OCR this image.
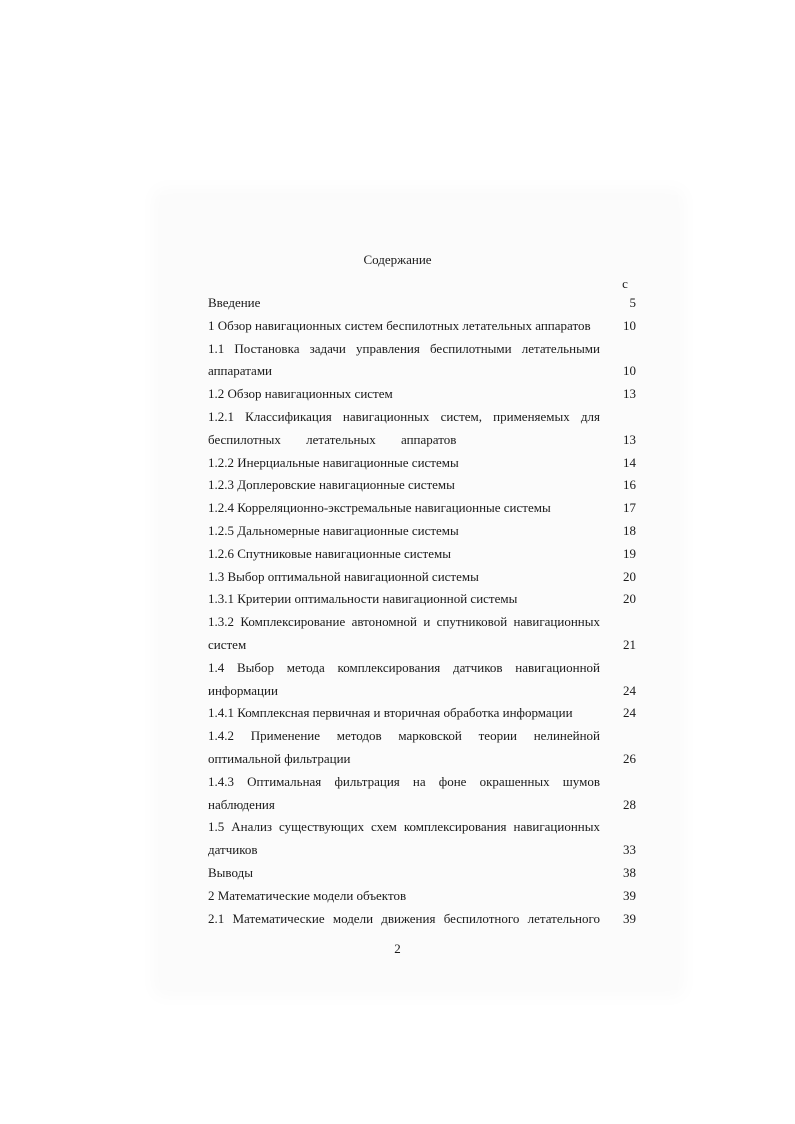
Содержание
с
Введение	5
1 Обзор навигационных систем беспилотных летательных аппаратов	10
1.1 Постановка задачи управления беспилотными летательными
аппаратами	10
1.2 Обзор навигационных систем	13
1.2.1 Классификация навигационных систем, применяемых для
беспилотных летательных аппаратов	13
1.2.2 Инерциальные навигационные системы	14
1.2.3 Доплеровские навигационные системы	16
1.2.4 Корреляционно-экстремальные навигационные системы	17
1.2.5 Дальномерные навигационные системы	18
1.2.6 Спутниковые навигационные системы	19
1.3 Выбор оптимальной навигационной системы	20
1.3.1 Критерии оптимальности навигационной системы	20
1.3.2 Комплексирование автономной и спутниковой навигационных
систем	21
1.4 Выбор метода комплексирования датчиков навигационной
информации	24
1.4.1 Комплексная первичная и вторичная обработка информации	24
1.4.2 Применение методов марковской теории нелинейной
оптимальной фильтрации	26
1.4.3 Оптимальная фильтрация на фоне окрашенных шумов
наблюдения	28
1.5 Анализ существующих схем комплексирования навигационных
датчиков	33
Выводы	38
2 Математические модели объектов	39
2.1 Математические модели движения беспилотного летательного	39
2
